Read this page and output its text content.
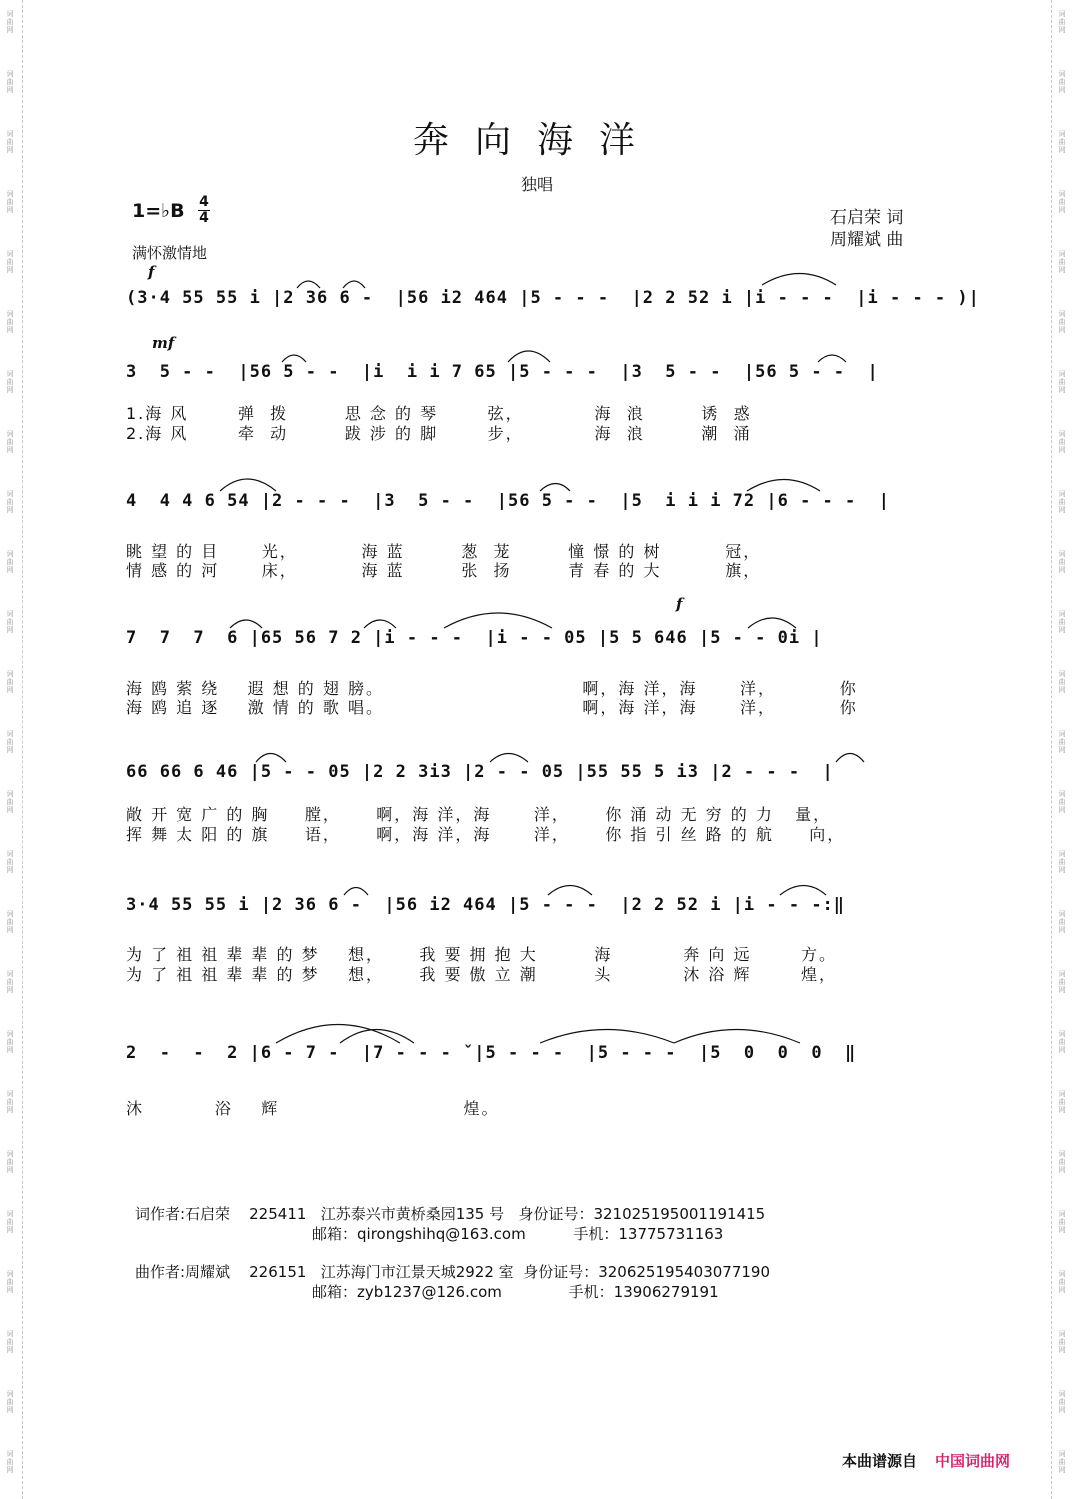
词
曲
网
词
曲
网
词
曲
网
词
曲
网
词
曲
网
词
曲
网
词
曲
网
词
曲
网
词
曲
网
词
曲
网
词
曲
网
词
曲
网
词
曲
网
词
曲
网
词
曲
网
词
曲
网
词
曲
网
词
曲
网
词
曲
网
词
曲
网
词
曲
网
词
曲
网
词
曲
网
词
曲
网
词
曲
网
词
曲
网
词
曲
网
词
曲
网
词
曲
网
词
曲
网
词
曲
网
词
曲
网
词
曲
网
词
曲
网
词
曲
网
词
曲
网
词
曲
网
词
曲
网
词
曲
网
词
曲
网
词
曲
网
词
曲
网
词
曲
网
词
曲
网
词
曲
网
词
曲
网
词
曲
网
词
曲
网
词
曲
网
词
曲
网
奔向海洋
独唱
1=♭B 4
4	石启荣 词
周耀斌 曲
满怀激情地
f
mf
f
(3·4 55 55 i |2 36 6 -  |56 i2 464 |5 - - -  |2 2 52 i |i - - -  |i - - - )|
3  5 - -  |56 5 - -  |i  i i 7 65 |5 - - -  |3  5 - -  |56 5 - -  |
4  4 4 6 54 |2 - - -  |3  5 - -  |56 5 - -  |5  i i i 72 |6 - - -  |
7  7  7  6 |65 56 7 2 |i - - -  |i - - 05 |5 5 646 |5 - - 0i |
66 66 6 46 |5 - - 05 |2 2 3i3 |2 - - 05 |55 55 5 i3 |2 - - -  |
3·4 55 55 i |2 36 6 -  |56 i2 464 |5 - - -  |2 2 52 i |i - - -:‖
2  -  -  2 |6 - 7 -  |7 - - - ˇ|5 - - -  |5 - - -  |5  0  0  0  ‖
1.海 风       弹  拨        思 念 的 琴       弦，          海  浪        诱  惑
2.海 风       牵  动        跋 涉 的 脚       步，          海  浪        潮  涌
眺 望 的 目      光，         海 蓝        葱  茏        憧 憬 的 树         冠，
情 感 的 河      床，         海 蓝        张  扬        青 春 的 大         旗，
海 鸥 萦 绕    遐 想 的 翅 膀。                            啊，海 洋，海      洋，         你
海 鸥 追 逐    激 情 的 歌 唱。                            啊，海 洋，海      洋，         你
敞 开 宽 广 的 胸     膛，     啊，海 洋，海      洋，     你 涌 动 无 穷 的 力   量，
挥 舞 太 阳 的 旗     语，     啊，海 洋，海      洋，     你 指 引 丝 路 的 航     向，
为 了 祖 祖 辈 辈 的 梦    想，     我 要 拥 抱 大        海          奔 向 远       方。
为 了 祖 祖 辈 辈 的 梦    想，     我 要 傲 立 潮        头          沐 浴 辉       煌，
沐          浴    辉                          煌。
词作者:石启荣 225411 江苏泰兴市黄桥桑园135 号 身份证号：321025195001191415
邮箱：qirongshihq@163.com	手机：13775731163
曲作者:周耀斌 226151 江苏海门市江景天城2922 室 身份证号：320625195403077190
邮箱：zyb1237@126.com	手机：13906279191
本曲谱源自 中国词曲网
